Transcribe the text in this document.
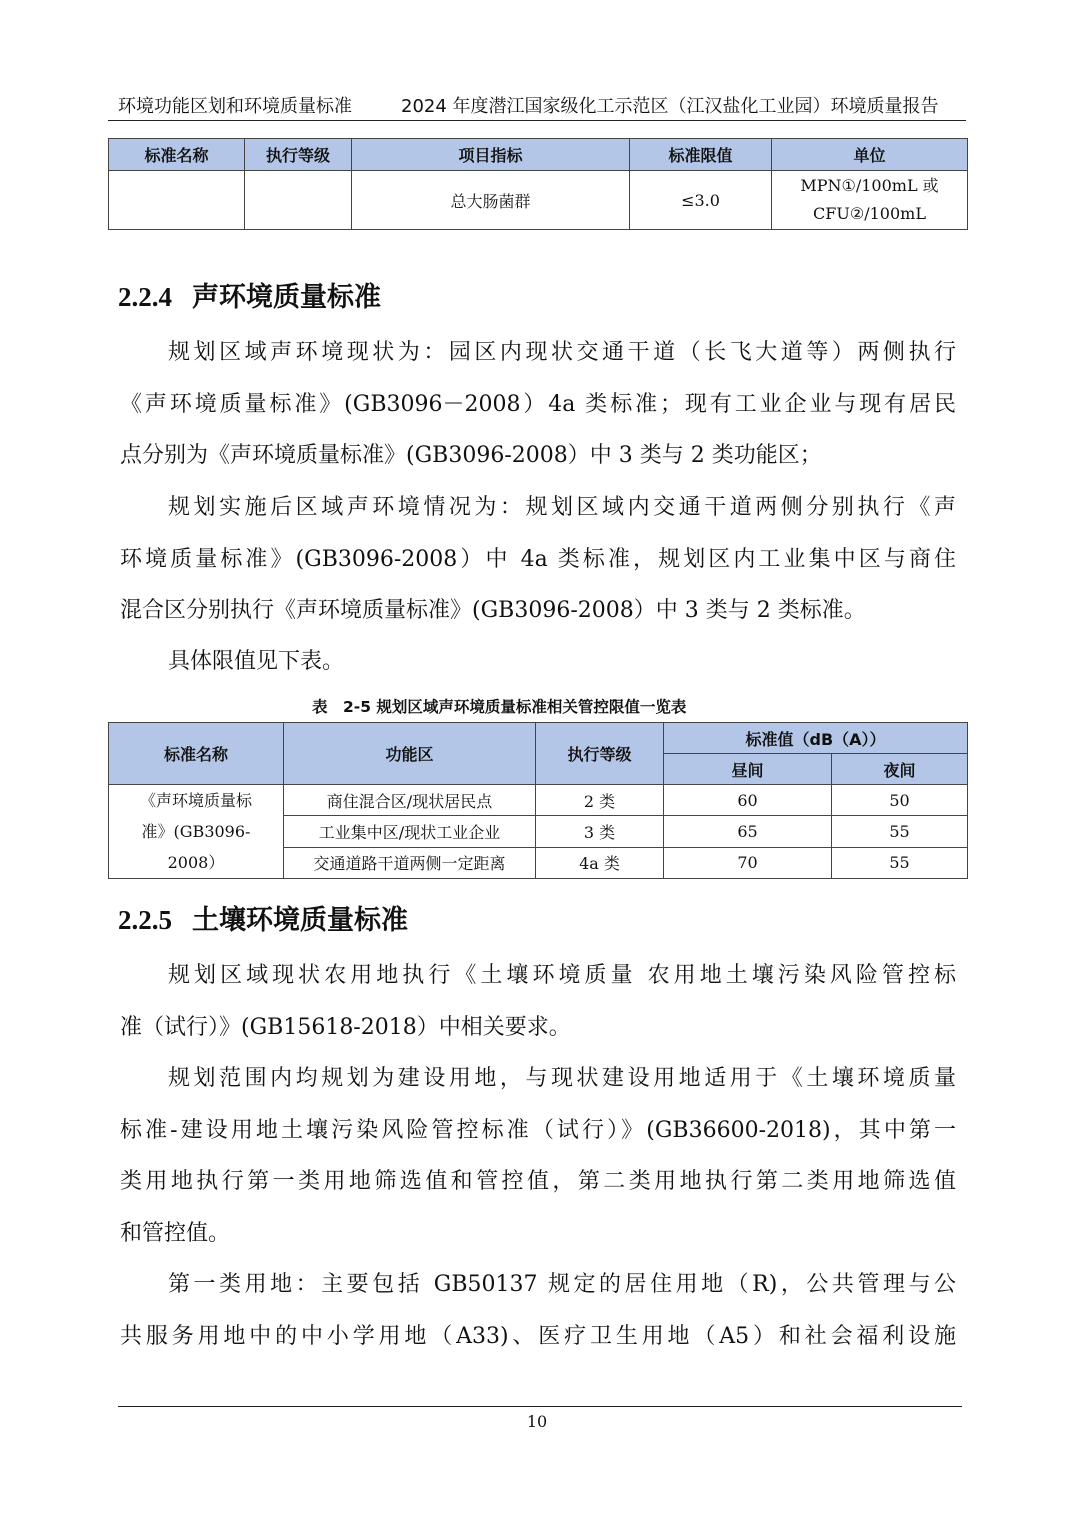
环境功能区划和环境质量标准	2024 年度潜江国家级化工示范区（江汉盐化工业园）环境质量报告
标准名称	执行等级	项目指标	标准限值	单位
		总大肠菌群	≤3.0	MPN①/100mL 或
CFU②/100mL
2.2.4 声环境质量标准
规划区域声环境现状为：园区内现状交通干道（长飞大道等）两侧执行
《声环境质量标准》(GB3096－2008）4a 类标准；现有工业企业与现有居民
点分别为《声环境质量标准》(GB3096-2008）中 3 类与 2 类功能区；
规划实施后区域声环境情况为：规划区域内交通干道两侧分别执行《声
环境质量标准》(GB3096-2008）中 4a 类标准，规划区内工业集中区与商住
混合区分别执行《声环境质量标准》(GB3096-2008）中 3 类与 2 类标准。
具体限值见下表。
表　2-5 规划区域声环境质量标准相关管控限值一览表
标准名称	功能区	执行等级	标准值（dB（A））	
			昼间	夜间

《声环境质量标
准》(GB3096-
2008）	商住混合区/现状居民点	2 类	60	50
	工业集中区/现状工业企业	3 类	65	55
	交通道路干道两侧一定距离	4a 类	70	55
2.2.5 土壤环境质量标准
规划区域现状农用地执行《土壤环境质量 农用地土壤污染风险管控标
准（试行）》(GB15618-2018）中相关要求。
规划范围内均规划为建设用地，与现状建设用地适用于《土壤环境质量
标准-建设用地土壤污染风险管控标准（试行）》(GB36600-2018)，其中第一
类用地执行第一类用地筛选值和管控值，第二类用地执行第二类用地筛选值
和管控值。
第一类用地：主要包括 GB50137 规定的居住用地（R)，公共管理与公
共服务用地中的中小学用地（A33)、医疗卫生用地（A5）和社会福利设施
10
